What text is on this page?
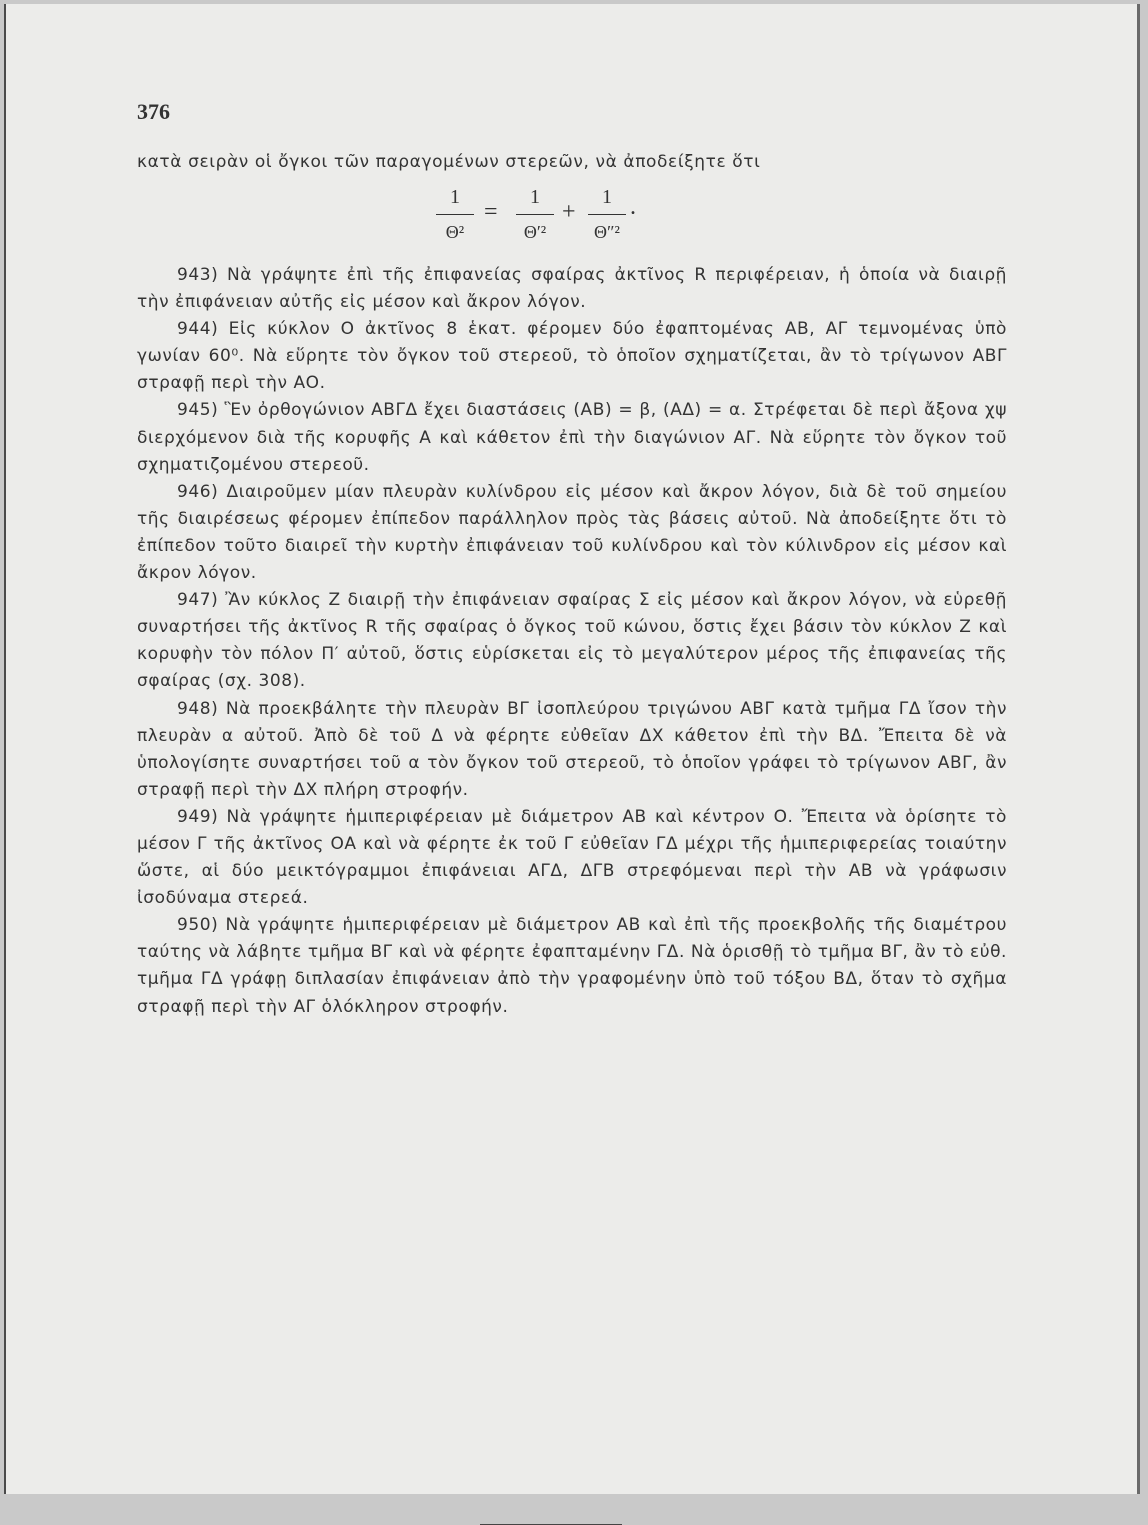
376
κατὰ σειρὰν οἱ ὄγκοι τῶν παραγομένων στερεῶν, νὰ ἀποδείξητε ὅτι
1
Θ²
=
1
Θ′²
+
1
Θ″²
.

943) Νὰ γράψητε ἐπὶ τῆς ἐπιφανείας σφαίρας ἀκτῖνος R περιφέρειαν, ἡ ὁποία νὰ διαιρῇ τὴν ἐπιφάνειαν αὐτῆς εἰς μέσον καὶ ἄκρον λόγον.

944) Εἰς κύκλον Ο ἀκτῖνος 8 ἑκατ. φέρομεν δύο ἐφαπτομένας ΑΒ, ΑΓ τεμνομένας ὑπὸ γωνίαν 60⁰. Νὰ εὕρητε τὸν ὄγκον τοῦ στερεοῦ, τὸ ὁποῖον σχηματίζεται, ἂν τὸ τρίγωνον ΑΒΓ στραφῇ περὶ τὴν ΑΟ.

945) Ἓν ὀρθογώνιον ΑΒΓΔ ἔχει διαστάσεις (ΑΒ) = β, (ΑΔ) = α. Στρέφεται δὲ περὶ ἄξονα χψ διερχόμενον διὰ τῆς κορυφῆς Α καὶ κάθετον ἐπὶ τὴν διαγώνιον ΑΓ. Νὰ εὕρητε τὸν ὄγκον τοῦ σχηματιζομένου στερεοῦ.

946) Διαιροῦμεν μίαν πλευρὰν κυλίνδρου εἰς μέσον καὶ ἄκρον λόγον, διὰ δὲ τοῦ σημείου τῆς διαιρέσεως φέρομεν ἐπίπεδον παράλληλον πρὸς τὰς βάσεις αὐτοῦ. Νὰ ἀποδείξητε ὅτι τὸ ἐπίπεδον τοῦτο διαιρεῖ τὴν κυρτὴν ἐπιφάνειαν τοῦ κυλίνδρου καὶ τὸν κύλινδρον εἰς μέσον καὶ ἄκρον λόγον.

947) Ἂν κύκλος Ζ διαιρῇ τὴν ἐπιφάνειαν σφαίρας Σ εἰς μέσον καὶ ἄκρον λόγον, νὰ εὑρεθῇ συναρτήσει τῆς ἀκτῖνος R τῆς σφαίρας ὁ ὄγκος τοῦ κώνου, ὅστις ἔχει βάσιν τὸν κύκλον Ζ καὶ κορυφὴν τὸν πόλον Π′ αὐτοῦ, ὅστις εὑρίσκεται εἰς τὸ μεγαλύτερον μέρος τῆς ἐπιφανείας τῆς σφαίρας (σχ. 308).

948) Νὰ προεκβάλητε τὴν πλευρὰν ΒΓ ἰσοπλεύρου τριγώνου ΑΒΓ κατὰ τμῆμα ΓΔ ἴσον τὴν πλευρὰν α αὐτοῦ. Ἀπὸ δὲ τοῦ Δ νὰ φέρητε εὐθεῖαν ΔΧ κάθετον ἐπὶ τὴν ΒΔ. Ἔπειτα δὲ νὰ ὑπολογίσητε συναρτήσει τοῦ α τὸν ὄγκον τοῦ στερεοῦ, τὸ ὁποῖον γράφει τὸ τρίγωνον ΑΒΓ, ἂν στραφῇ περὶ τὴν ΔΧ πλήρη στροφήν.

949) Νὰ γράψητε ἡμιπεριφέρειαν μὲ διάμετρον ΑΒ καὶ κέντρον Ο. Ἔπειτα νὰ ὁρίσητε τὸ μέσον Γ τῆς ἀκτῖνος ΟΑ καὶ νὰ φέρητε ἐκ τοῦ Γ εὐθεῖαν ΓΔ μέχρι τῆς ἡμιπεριφερείας τοιαύτην ὥστε, αἱ δύο μεικτόγραμμοι ἐπιφάνειαι ΑΓΔ, ΔΓΒ στρεφόμεναι περὶ τὴν ΑΒ νὰ γράφωσιν ἰσοδύναμα στερεά.

950) Νὰ γράψητε ἡμιπεριφέρειαν μὲ διάμετρον ΑΒ καὶ ἐπὶ τῆς προεκβολῆς τῆς διαμέτρου ταύτης νὰ λάβητε τμῆμα ΒΓ καὶ νὰ φέρητε ἐφαπταμένην ΓΔ. Νὰ ὁρισθῇ τὸ τμῆμα ΒΓ, ἂν τὸ εὐθ. τμῆμα ΓΔ γράφῃ διπλασίαν ἐπιφάνειαν ἀπὸ τὴν γραφομένην ὑπὸ τοῦ τόξου ΒΔ, ὅταν τὸ σχῆμα στραφῇ περὶ τὴν ΑΓ ὁλόκληρον στροφήν.
